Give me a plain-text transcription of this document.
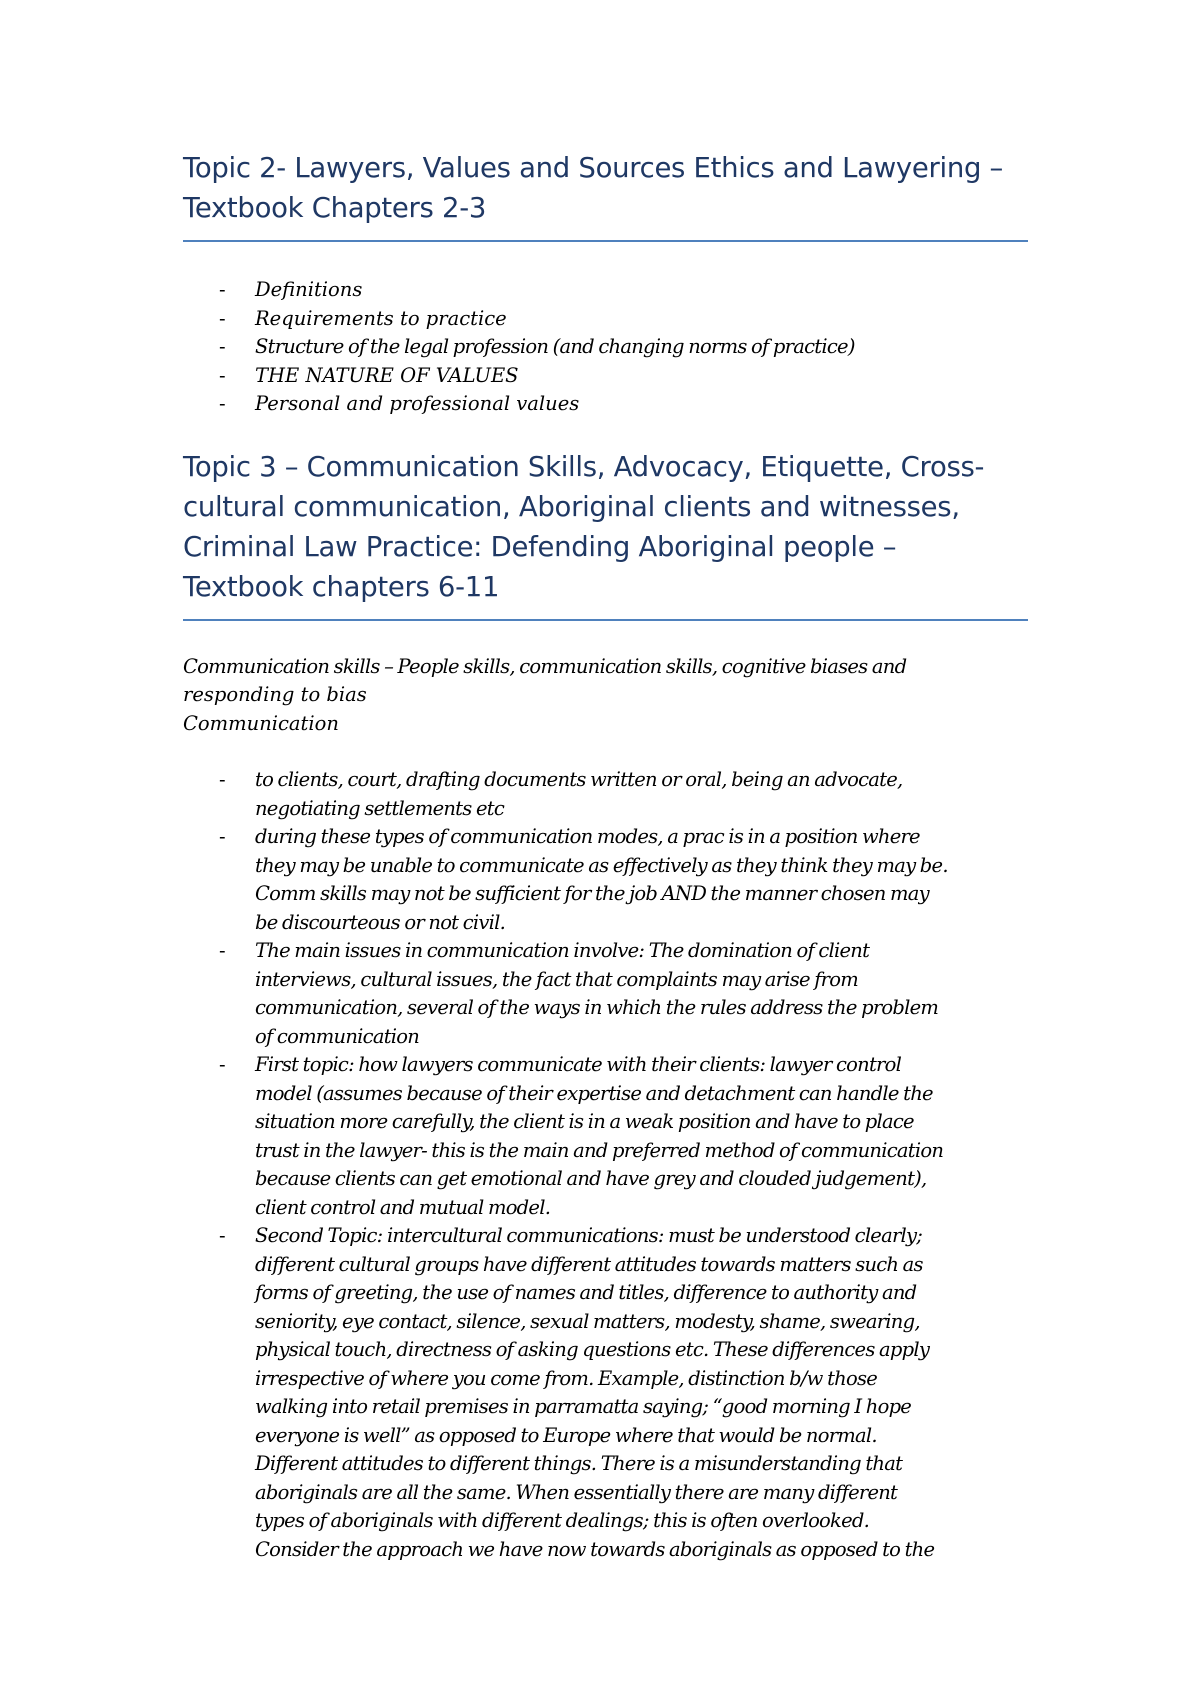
Topic 2- Lawyers, Values and Sources Ethics and Lawyering –
Textbook Chapters 2-3
- Definitions
- Requirements to practice
- Structure of the legal profession (and changing norms of practice)
- THE NATURE OF VALUES
- Personal and professional values
Topic 3 – Communication Skills, Advocacy, Etiquette, Cross-
cultural communication, Aboriginal clients and witnesses,
Criminal Law Practice: Defending Aboriginal people –
Textbook chapters 6-11
Communication skills – People skills, communication skills, cognitive biases and
responding to bias
Communication
- to clients, court, drafting documents written or oral, being an advocate,
negotiating settlements etc
- during these types of communication modes, a prac is in a position where
they may be unable to communicate as effectively as they think they may be.
Comm skills may not be sufficient for the job AND the manner chosen may
be discourteous or not civil.
- The main issues in communication involve: The domination of client
interviews, cultural issues, the fact that complaints may arise from
communication, several of the ways in which the rules address the problem
of communication
- First topic: how lawyers communicate with their clients: lawyer control
model (assumes because of their expertise and detachment can handle the
situation more carefully, the client is in a weak position and have to place
trust in the lawyer- this is the main and preferred method of communication
because clients can get emotional and have grey and clouded judgement),
client control and mutual model.
- Second Topic: intercultural communications: must be understood clearly;
different cultural groups have different attitudes towards matters such as
forms of greeting, the use of names and titles, difference to authority and
seniority, eye contact, silence, sexual matters, modesty, shame, swearing,
physical touch, directness of asking questions etc. These differences apply
irrespective of where you come from. Example, distinction b/w those
walking into retail premises in parramatta saying; “good morning I hope
everyone is well” as opposed to Europe where that would be normal.
Different attitudes to different things. There is a misunderstanding that
aboriginals are all the same. When essentially there are many different
types of aboriginals with different dealings; this is often overlooked.
Consider the approach we have now towards aboriginals as opposed to the
